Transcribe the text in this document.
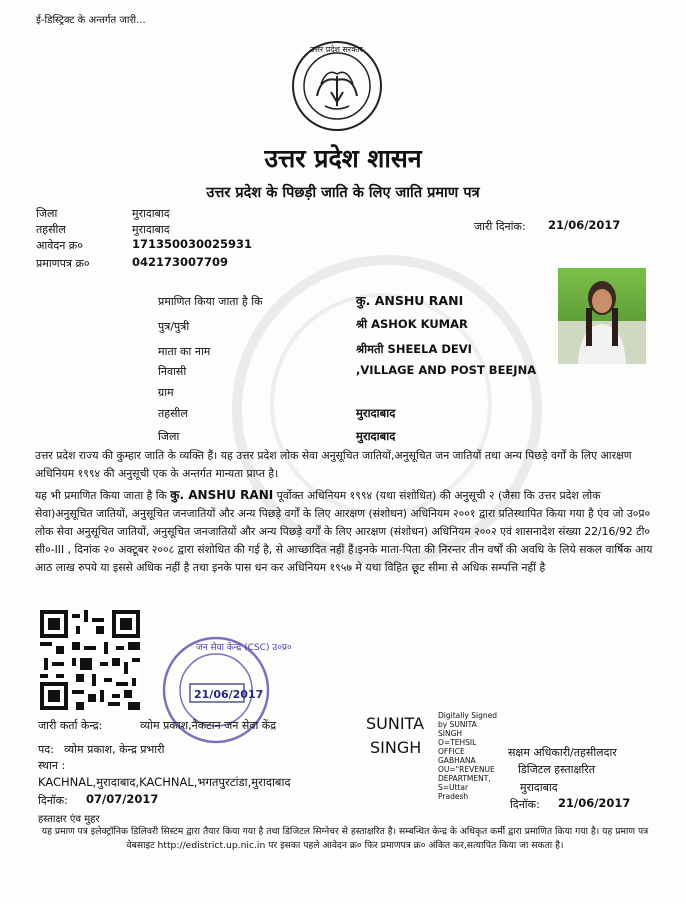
ई-डिस्ट्रिक्ट के अन्तर्गत जारी...
उत्तर प्रदेश सरकार
उत्तर प्रदेश शासन
उत्तर प्रदेश के पिछड़ी जाति के लिए जाति प्रमाण पत्र
जिला	मुरादाबाद
तहसील	मुरादाबाद
आवेदन क्र०	171350030025931
प्रमाणपत्र क्र०	042173007709
जारी दिनांक: 21/06/2017
प्रमाणित किया जाता है कि	कु. ANSHU RANI
पुत्र/पुत्री	श्री ASHOK KUMAR
माता का नाम	श्रीमती SHEELA DEVI
निवासी	,VILLAGE AND POST BEEJNA
ग्राम
तहसील	मुरादाबाद
जिला	मुरादाबाद
उत्तर प्रदेश राज्य की कुम्हार जाति के व्यक्ति हैं। यह उत्तर प्रदेश लोक सेवा अनुसूचित जातियों,अनुसूचित जन जातियों तथा अन्य पिछड़े वर्गों के लिए आरक्षण अधिनियम १९९४ की अनुसूची एक के अन्तर्गत मान्यता प्राप्त है।
यह भी प्रमाणित किया जाता है कि कु. ANSHU RANI पूर्वोक्त अधिनियम १९९४ (यथा संशोधित) की अनुसूची २ (जैसा कि उत्तर प्रदेश लोक सेवा)अनुसूचित जातियों, अनुसूचित जनजातियों और अन्य पिछड़े वर्गों के लिए आरक्षण (संशोधन) अधिनियम २००१ द्वारा प्रतिस्थापित किया गया है एंव जो उ०प्र० लोक सेवा अनुसूचित जातियों, अनुसूचित जनजातियों और अन्य पिछड़े वर्गों के लिए आरक्षण (संशोधन) अधिनियम २००२ एवं शासनादेश संख्या 22/16/92 टी० सी०-III , दिनांक २० अक्टूबर २००८ द्वारा संशोधित की गई है, से आच्छादित नहीं हैं।इनके माता-पिता की निरन्तर तीन वर्षों की अवधि के लिये सकल वार्षिक आय आठ लाख रुपये या इससे अधिक नहीं है तथा इनके पास धन कर अधिनियम १९५७ मे यथा विहित छूट सीमा से अधिक सम्पत्ति नहीं है
जन सेवा केन्द्र (CSC) उ०प्र०
21/06/2017
जारी कर्ता केन्द्र:	व्योम प्रकाश,नैकटान जन सेवा केंद्र
पद: व्योम प्रकाश, केन्द्र प्रभारी
स्थान :
KACHNAL,मुरादाबाद,KACHNAL,भगतपुरटांडा,मुरादाबाद
दिनॉक: 07/07/2017
हस्ताक्षर एंव मुहर
SUNITA
SINGH
Digitally Signed
by SUNITA
SINGH
O=TEHSIL
OFFICE
GABHANA
OU="REVENUE
DEPARTMENT,
S=Uttar
Pradesh
सक्षम अधिकारी/तहसीलदार
डिजिटल हस्ताक्षरित
मुरादाबाद
दिनॉक: 21/06/2017
यह प्रमाण पत्र इलेक्ट्रॉनिक डिलिवरी सिस्टम द्वारा तैयार किया गया है तथा डिजिटल सिग्नेचर से हस्ताक्षरित है। सम्बन्धित केन्द्र के अधिकृत कर्मी द्वारा प्रमाणित किया गया है। यह प्रमाण पत्र वेबसाइट http://edistrict.up.nic.in पर इसका पहले आवेदन क्र० फिर प्रमाणपत्र क्र० अंकित कर,सत्यापित किया जा सकता है।
